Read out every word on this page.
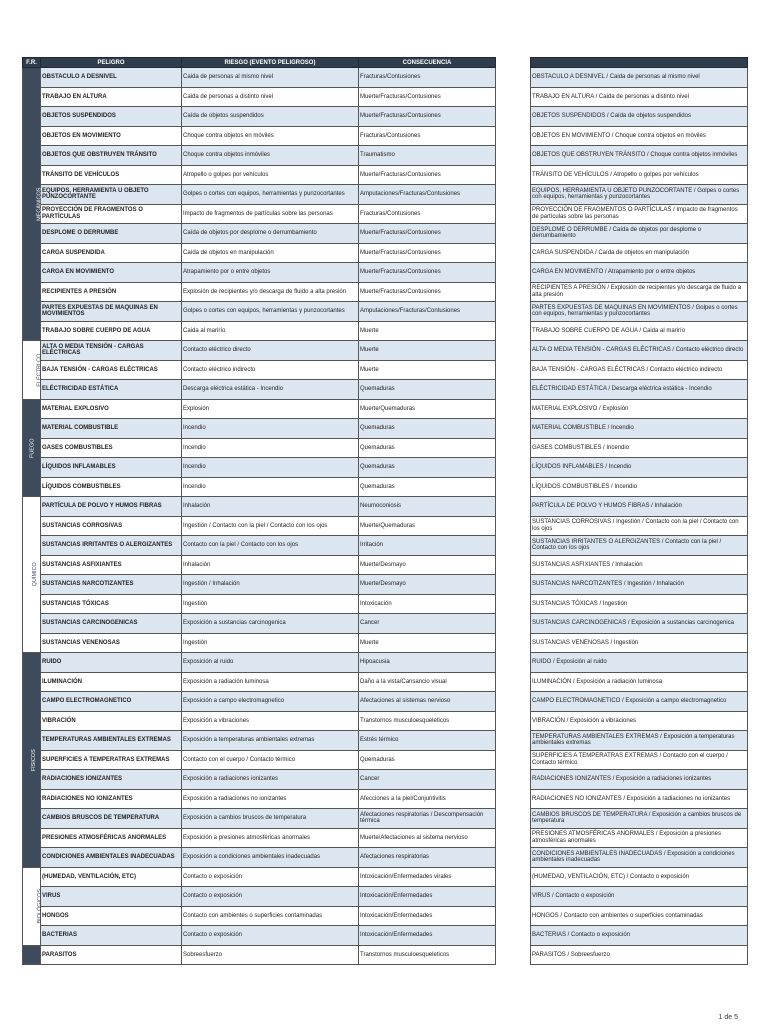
F.R.	PELIGRO	RIESGO (EVENTO PELIGROSO)	CONSECUENCIA
MECÁNICOS	OBSTACULO A DESNIVEL	Caida de personas al mismo nivel	Fracturas/Contusiones
	TRABAJO EN ALTURA	Caida de personas a distinto nivel	Muerte/Fracturas/Contusiones
	OBJETOS SUSPENDIDOS	Caída de objetos suspendidos	Muerte/Fracturas/Contusiones
	OBJETOS EN MOVIMIENTO	Choque contra objetos en móviles	Fracturas/Contusiones
	OBJETOS QUE OBSTRUYEN TRÁNSITO	Choque contra objetos inmóviles	Traumatismo
	TRÁNSITO DE VEHÍCULOS	Atropello o golpes por vehículos	Muerte/Fracturas/Contusiones
	EQUIPOS, HERRAMIENTA U OBJETO PUNZOCORTANTE	Golpes o cortes con equipos, herramientas y punzocortantes	Amputaciones/Fracturas/Contusiones
	PROYECCIÓN DE FRAGMENTOS O PARTÍCULAS	Impacto de fragmentos de partículas sobre las personas	Fracturas/Contusiones
	DESPLOME O DERRUMBE	Caída de objetos por desplome o derrumbamiento	Muerte/Fracturas/Contusiones
	CARGA SUSPENDIDA	Caída de objetos en manipulación	Muerte/Fracturas/Contusiones
	CARGA EN MOVIMIENTO	Atrapamiento por o entre objetos	Muerte/Fracturas/Contusiones
	RECIPIENTES A PRESIÓN	Explosión de recipientes y/o descarga de fluido a alta presión	Muerte/Fracturas/Contusiones
	PARTES EXPUESTAS DE MAQUINAS EN MOVIMIENTOS	Golpes o cortes con equipos, herramientas y punzocortantes	Amputaciones/Fracturas/Contusiones
	TRABAJO SOBRE CUERPO DE AGUA	Caida al marirío	Muerte
ELÉCTRI CO	ALTA O MEDIA TENSIÓN - CARGAS ELÉCTRICAS	Contacto eléctrico directo	Muerte
	BAJA TENSIÓN - CARGAS ELÉCTRICAS	Contacto eléctrico indirecto	Muerte
	ELÉCTRICIDAD ESTÁTICA	Descarga eléctrica estática - Incendio	Quemaduras
FUEGO	MATERIAL EXPLOSIVO	Explosión	Muerte/Quemaduras
	MATERIAL COMBUSTIBLE	Incendio	Quemaduras
	GASES COMBUSTIBLES	Incendio	Quemaduras
	LÍQUIDOS INFLAMABLES	Incendio	Quemaduras
	LÍQUIDOS COMBUSTIBLES	Incendio	Quemaduras
QUÍMICO	PARTÍCULA DE POLVO Y HUMOS FIBRAS	Inhalación	Neumoconiosis
	SUSTANCIAS CORROSIVAS	Ingestión / Contacto con la piel / Contacto con los ojos	Muerte/Quemaduras
	SUSTANCIAS IRRITANTES O ALERGIZANTES	Contacto con la piel / Contacto con los ojos	Irritación
	SUSTANCIAS ASFIXIANTES	Inhalación	Muerte/Desmayo
	SUSTANCIAS NARCOTIZANTES	Ingestión / Inhalación	Muerte/Desmayo
	SUSTANCIAS TÓXICAS	Ingestión	Intoxicación
	SUSTANCIAS CARCINOGENICAS	Exposición a sustancias carcinogenica	Cancer
	SUSTANCIAS VENENOSAS	Ingestión	Muerte
FÍSICOS	RUIDO	Exposición al ruido	Hipoacusia
	ILUMINACIÓN	Exposición a radiación luminosa	Daño a la vista/Cansancio visual
	CAMPO ELECTROMAGNETICO	Exposición a campo electromagnetico	Afectaciones al sistemas nervioso
	VIBRACIÓN	Exposición a vibraciones	Transtornos musculoesqueleticos
	TEMPERATURAS AMBIENTALES EXTREMAS	Exposición a temperaturas ambientales extremas	Estrés térmico
	SUPERFICIES A TEMPERATRAS EXTREMAS	Contacto con el cuerpo / Contacto térmico	Quemaduras
	RADIACIONES IONIZANTES	Exposición a radiaciones ionizantes	Cancer
	RADIACIONES NO IONIZANTES	Exposición a radiaciones no ionizantes	Afecciones a la piel/Conjuntivitis
	CAMBIOS BRUSCOS DE TEMPERATURA	Exposición a cambios bruscos de temperatura	Afectaciones respiratorias / Descompensación térmica
	PRESIONES ATMOSFÉRICAS ANORMALES	Exposición a presiones atmosféricas anormales	Muerte/Afectaciones al sistema nervioso
	CONDICIONES AMBIENTALES INADECUADAS	Exposición a condiciones ambientales inadecuadas	Afectaciones respiratorias
BIOLÓGICOS	(HUMEDAD, VENTILACIÓN, ETC)	Contacto o exposición	Intoxicación/Enfermedades virales
	VIRUS	Contacto o exposición	Intoxicación/Enfermedades
	HONGOS	Contacto con ambientes o superficies contaminadas	Intoxicación/Enfermedades
	BACTERIAS	Contacto o exposición	Intoxicación/Enfermedades
	PARASITOS	Sobreesfuerzo	Transtornos musculoesqueleticos

OBSTACULO A DESNIVEL / Caida de personas al mismo nivel
TRABAJO EN ALTURA / Caida de personas a distinto nivel
OBJETOS SUSPENDIDOS / Caída de objetos suspendidos
OBJETOS EN MOVIMIENTO / Choque contra objetos en móviles
OBJETOS QUE OBSTRUYEN TRÁNSITO / Choque contra objetos inmóviles
TRÁNSITO DE VEHÍCULOS / Atropello o golpes por vehículos
EQUIPOS, HERRAMIENTA U OBJETO PUNZOCORTANTE / Golpes o cortes con equipos, herramientas y punzocortantes
PROYECCIÓN DE FRAGMENTOS O PARTÍCULAS / Impacto de fragmentos de partículas sobre las personas
DESPLOME O DERRUMBE / Caída de objetos por desplome o derrumbamiento
CARGA SUSPENDIDA / Caída de objetos en manipulación
CARGA EN MOVIMIENTO / Atrapamiento por o entre objetos
RECIPIENTES A PRESIÓN / Explosión de recipientes y/o descarga de fluido a alta presión
PARTES EXPUESTAS DE MAQUINAS EN MOVIMIENTOS / Golpes o cortes con equipos, herramientas y punzocortantes
TRABAJO SOBRE CUERPO DE AGUA / Caida al marirío
ALTA O MEDIA TENSIÓN - CARGAS ELÉCTRICAS / Contacto eléctrico directo
BAJA TENSIÓN - CARGAS ELÉCTRICAS / Contacto eléctrico indirecto
ELÉCTRICIDAD ESTÁTICA / Descarga eléctrica estática - Incendio
MATERIAL EXPLOSIVO / Explosión
MATERIAL COMBUSTIBLE / Incendio
GASES COMBUSTIBLES / Incendio
LÍQUIDOS INFLAMABLES / Incendio
LÍQUIDOS COMBUSTIBLES / Incendio
PARTÍCULA DE POLVO Y HUMOS FIBRAS / Inhalación
SUSTANCIAS CORROSIVAS / Ingestión / Contacto con la piel / Contacto con los ojos
SUSTANCIAS IRRITANTES O ALERGIZANTES / Contacto con la piel / Contacto con los ojos
SUSTANCIAS ASFIXIANTES / Inhalación
SUSTANCIAS NARCOTIZANTES / Ingestión / Inhalación
SUSTANCIAS TÓXICAS / Ingestión
SUSTANCIAS CARCINOGENICAS / Exposición a sustancias carcinogenica
SUSTANCIAS VENENOSAS / Ingestión
RUIDO / Exposición al ruido
ILUMINACIÓN / Exposición a radiación luminosa
CAMPO ELECTROMAGNETICO / Exposición a campo electromagnetico
VIBRACIÓN / Exposición a vibraciones
TEMPERATURAS AMBIENTALES EXTREMAS / Exposición a temperaturas ambientales extremas
SUPERFICIES A TEMPERATRAS EXTREMAS / Contacto con el cuerpo / Contacto térmico
RADIACIONES IONIZANTES / Exposición a radiaciones ionizantes
RADIACIONES NO IONIZANTES / Exposición a radiaciones no ionizantes
CAMBIOS BRUSCOS DE TEMPERATURA / Exposición a cambios bruscos de temperatura
PRESIONES ATMOSFÉRICAS ANORMALES / Exposición a presiones atmosféricas anormales
CONDICIONES AMBIENTALES INADECUADAS / Exposición a condiciones ambientales inadecuadas
(HUMEDAD, VENTILACIÓN, ETC) / Contacto o exposición
VIRUS / Contacto o exposición
HONGOS / Contacto con ambientes o superficies contaminadas
BACTERIAS / Contacto o exposición
PARASITOS / Sobreesfuerzo
1 de 5
